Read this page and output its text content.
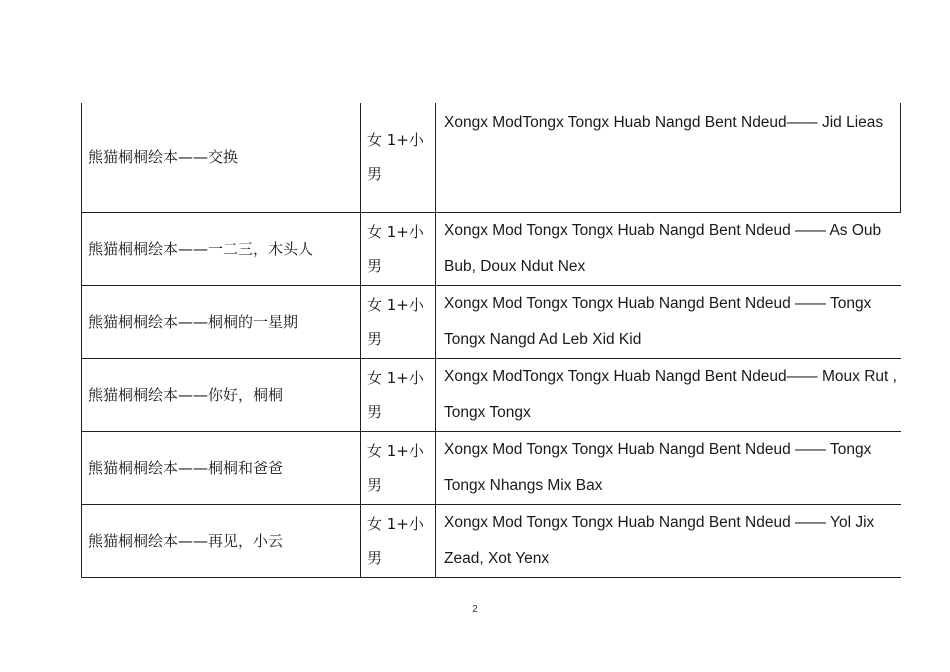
熊猫桐桐绘本——交换	女 1+小男	Xongx ModTongx Tongx Huab Nangd Bent Ndeud—— Jid Lieas
熊猫桐桐绘本——一二三，木头人	女 1+小男	Xongx Mod Tongx Tongx Huab Nangd Bent Ndeud —— As Oub Bub, Doux Ndut Nex
熊猫桐桐绘本——桐桐的一星期	女 1+小男	Xongx Mod Tongx Tongx Huab Nangd Bent Ndeud —— Tongx Tongx Nangd Ad Leb Xid Kid
熊猫桐桐绘本——你好，桐桐	女 1+小男	Xongx ModTongx Tongx Huab Nangd Bent Ndeud—— Moux Rut , Tongx Tongx
熊猫桐桐绘本——桐桐和爸爸	女 1+小男	Xongx Mod Tongx Tongx Huab Nangd Bent Ndeud —— Tongx Tongx Nhangs Mix Bax
熊猫桐桐绘本——再见，小云	女 1+小男	Xongx Mod Tongx Tongx Huab Nangd Bent Ndeud —— Yol Jix Zead, Xot Yenx
2
